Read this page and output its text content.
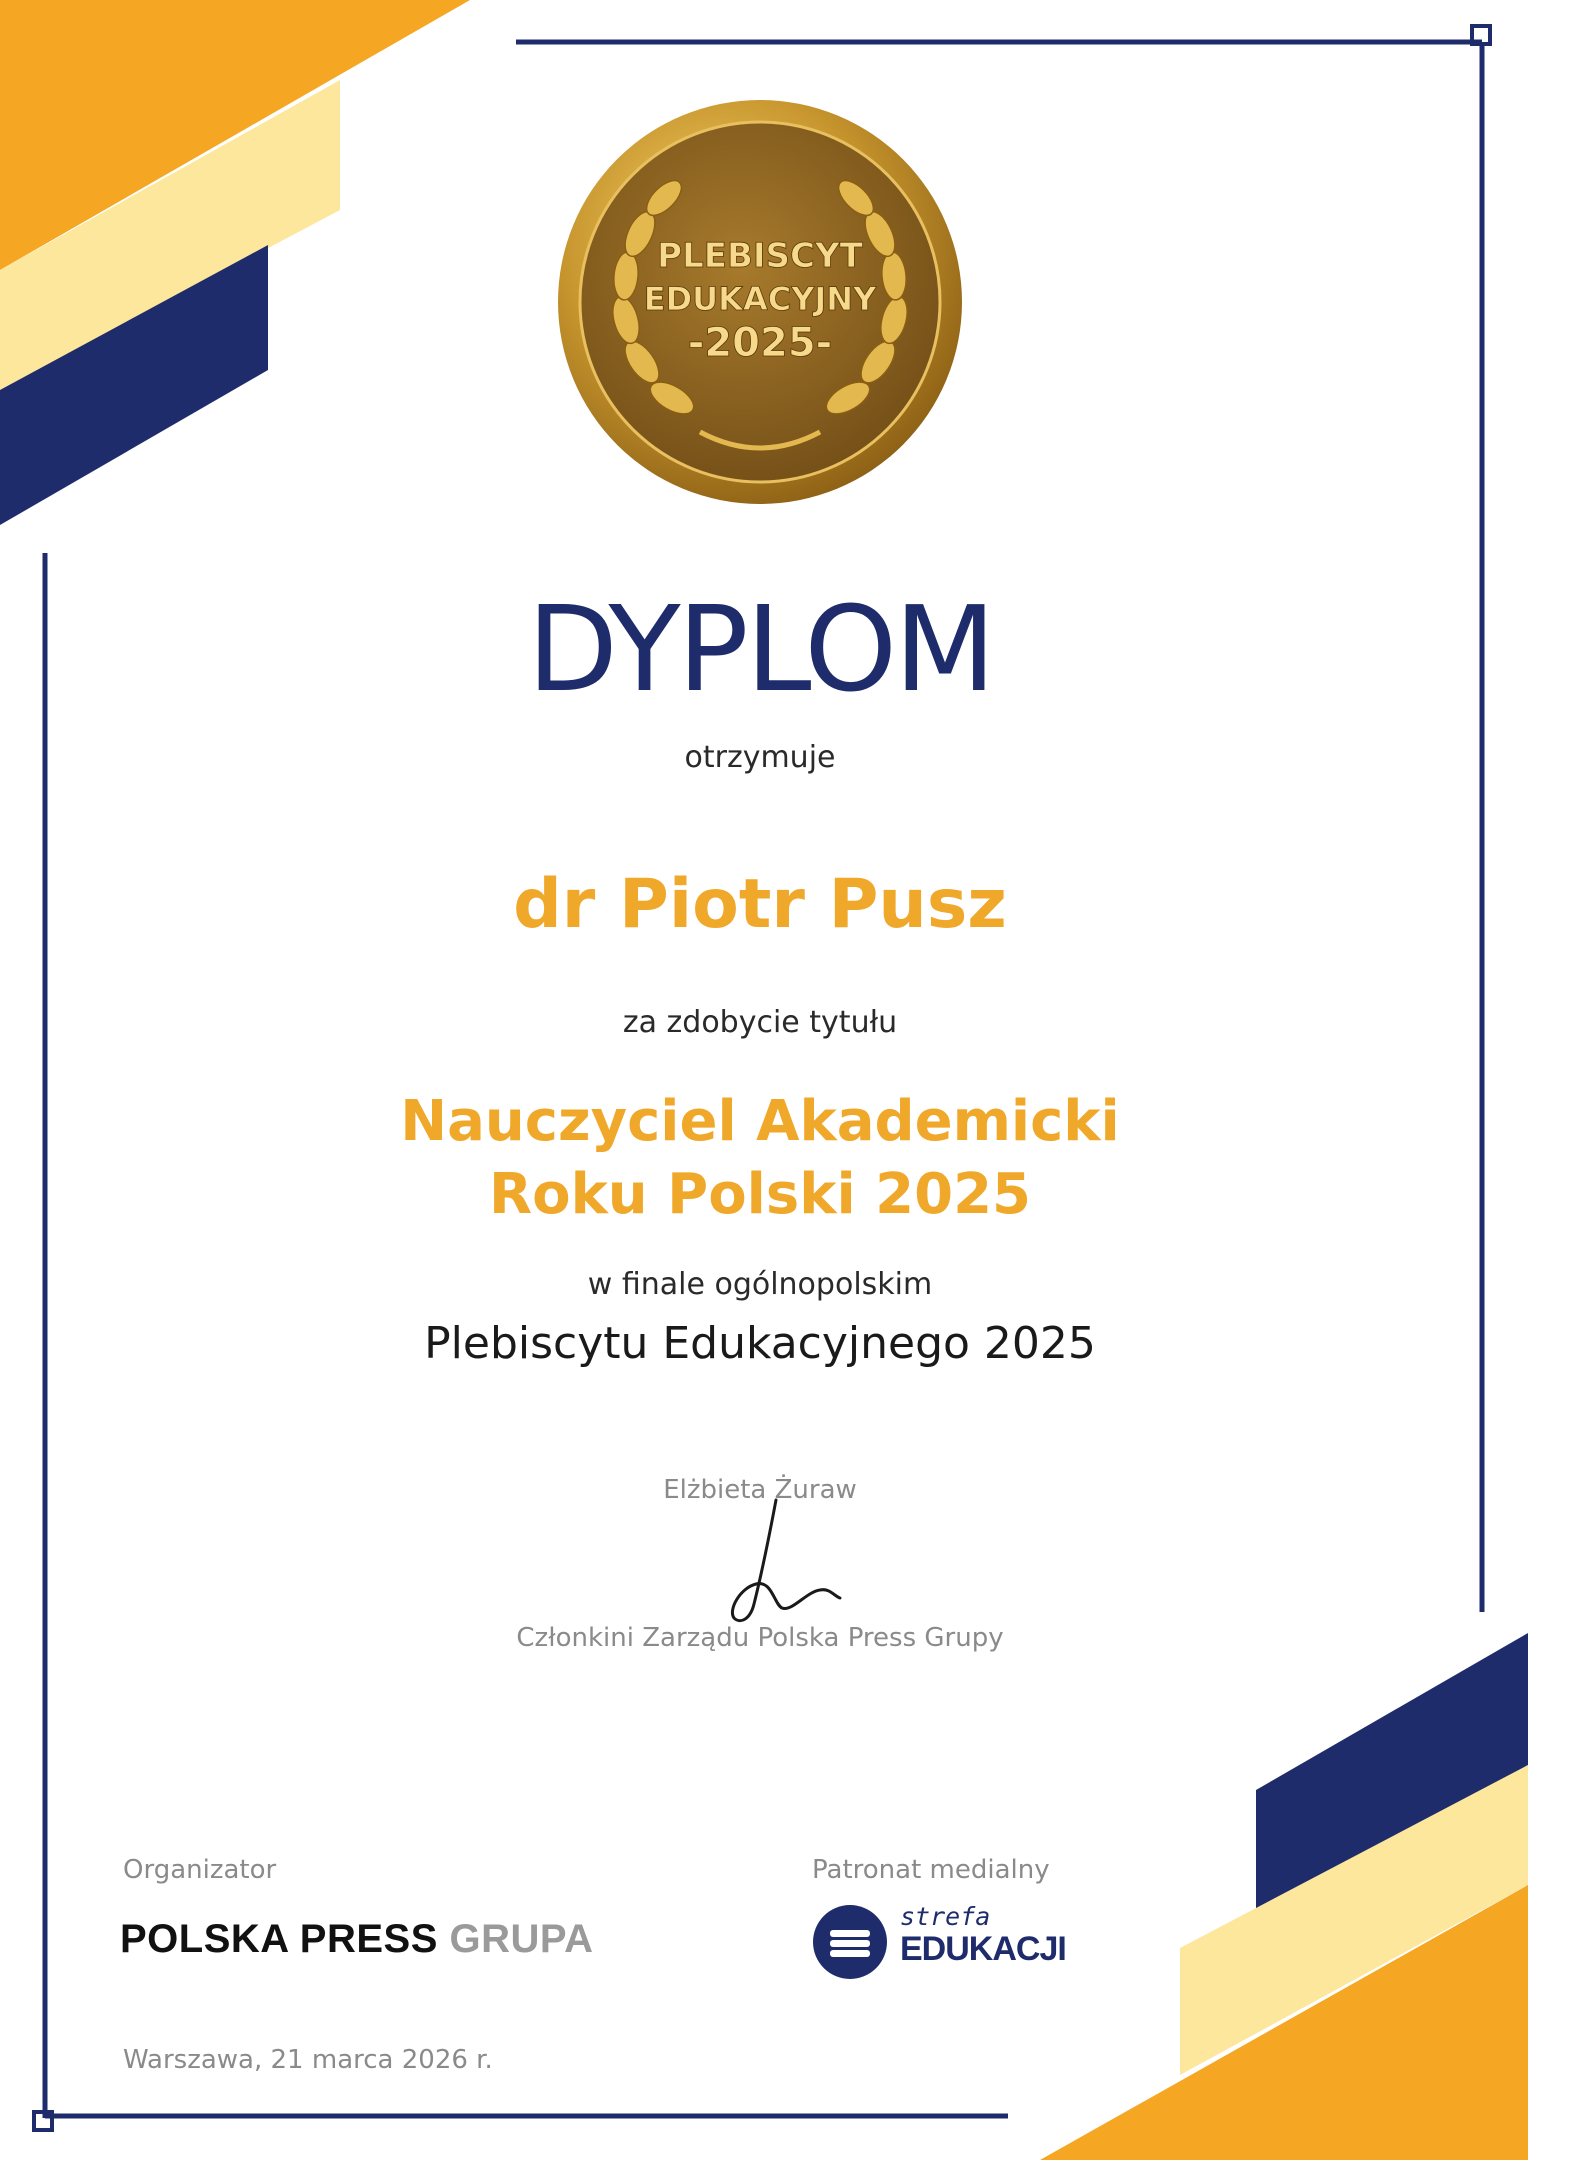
PLEBISCYT
EDUKACYJNY
-2025-
DYPLOM
otrzymuje
dr Piotr Pusz
za zdobycie tytułu
Nauczyciel Akademicki
Roku Polski 2025
w finale ogólnopolskim
Plebiscytu Edukacyjnego 2025
Elżbieta Żuraw
Członkini Zarządu Polska Press Grupy
Organizator
POLSKA PRESS GRUPA
Patronat medialny
strefa
EDUKACJI
Warszawa, 21 marca 2026 r.
